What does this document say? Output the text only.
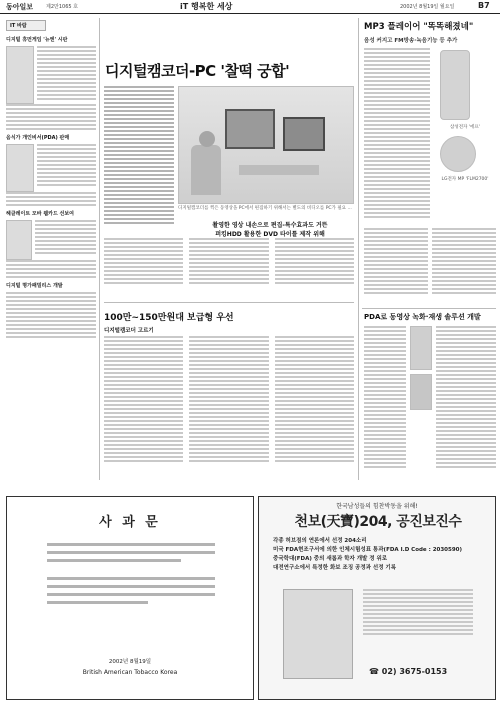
동아일보	제2만1065 호	iT 행복한 세상	2002년 8월19일 월요일	B7
IT 바람
디지털 휴먼게임 '뉴엔' 시판
음식가 개인비서(PDA) 판매
헤클레이트 모바 웹카드 선보여
디지털 명가패밀리스 개발
디지털캠코더-PC '찰떡 궁합'
디지털캠코더를 찍은 동영상을 PC에서 편집하기 위해서는 별도의 비디오를 PC가 필요 ...
촬영한 영상 내손으로 편집-특수효과도 거뜬
퍼킹HDD 활용한 DVD 타이틀 제작 위해
100만~150만원대 보급형 우선
디지털캠코더 고르기
MP3 플레이어 "똑똑해졌네"
음성 커지고 FM방송·녹음기능 등 추가
삼성전자 '에프'
LG전자 MP 'FLM2700'
PDA로 동영상 녹화·재생 솔루션 개발
사 과 문
2002년 8월19일
British American Tobacco Korea
한국남성들의 힘찬박동을 위해!
천보(天寶)204, 공진보진수
각종 허브점의 연론에서 선정 204소리
미국 FDA현조구서에 의한 인체시험성표 통과(FDA I.D Code : 2030590)
중국학대(FDA) 중의 새롭과 학자 개발 정 위로
대전연구소에서 특정한 화보 조징 공정과 선정 기록
☎ 02) 3675-0153
